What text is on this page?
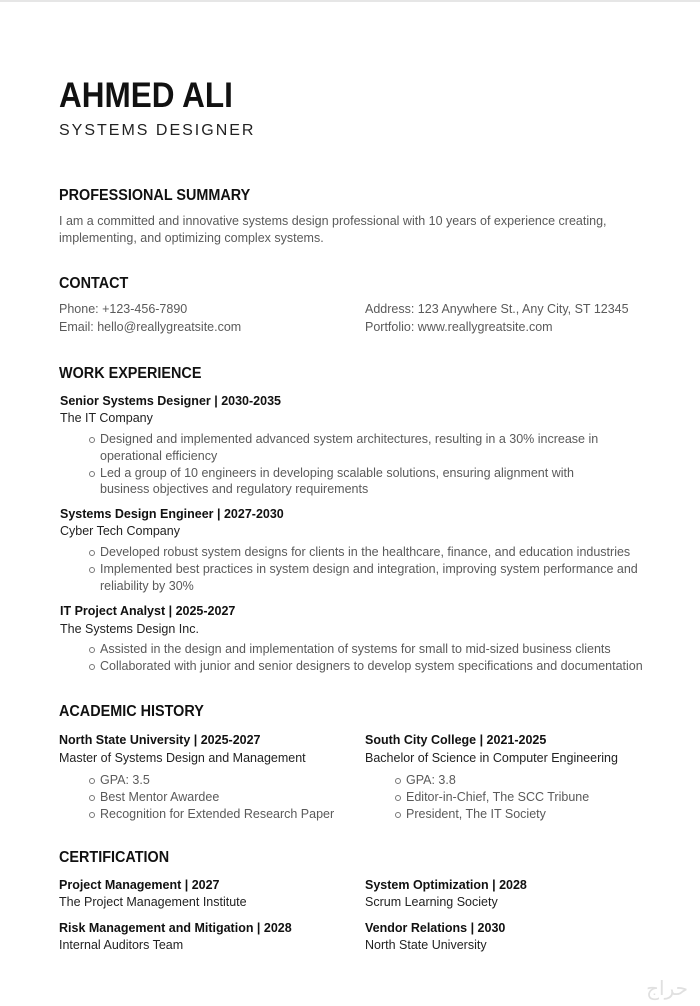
AHMED ALI
SYSTEMS DESIGNER
PROFESSIONAL SUMMARY

I am a committed and innovative systems design professional with 10 years of experience creating, implementing, and optimizing complex systems.

CONTACT
Phone: +123-456-7890
Email: hello@reallygreatsite.com
Address: 123 Anywhere St., Any City, ST 12345
Portfolio: www.reallygreatsite.com
WORK EXPERIENCE
Senior Systems Designer | 2030-2035
The IT Company
Designed and implemented advanced system architectures, resulting in a 30% increase in operational efficiency
Led a group of 10 engineers in developing scalable solutions, ensuring alignment with business objectives and regulatory requirements
Systems Design Engineer | 2027-2030
Cyber Tech Company
Developed robust system designs for clients in the healthcare, finance, and education industries
Implemented best practices in system design and integration, improving system performance and reliability by 30%
IT Project Analyst | 2025-2027
The Systems Design Inc.
Assisted in the design and implementation of systems for small to mid-sized business clients
Collaborated with junior and senior designers to develop system specifications and documentation
ACADEMIC HISTORY
North State University | 2025-2027
Master of Systems Design and Management
GPA: 3.5
Best Mentor Awardee
Recognition for Extended Research Paper
South City College | 2021-2025
Bachelor of Science in Computer Engineering
GPA: 3.8
Editor-in-Chief, The SCC Tribune
President, The IT Society
CERTIFICATION
Project Management | 2027
The Project Management Institute
System Optimization | 2028
Scrum Learning Society
Risk Management and Mitigation | 2028
Internal Auditors Team
Vendor Relations | 2030
North State University
حراج
